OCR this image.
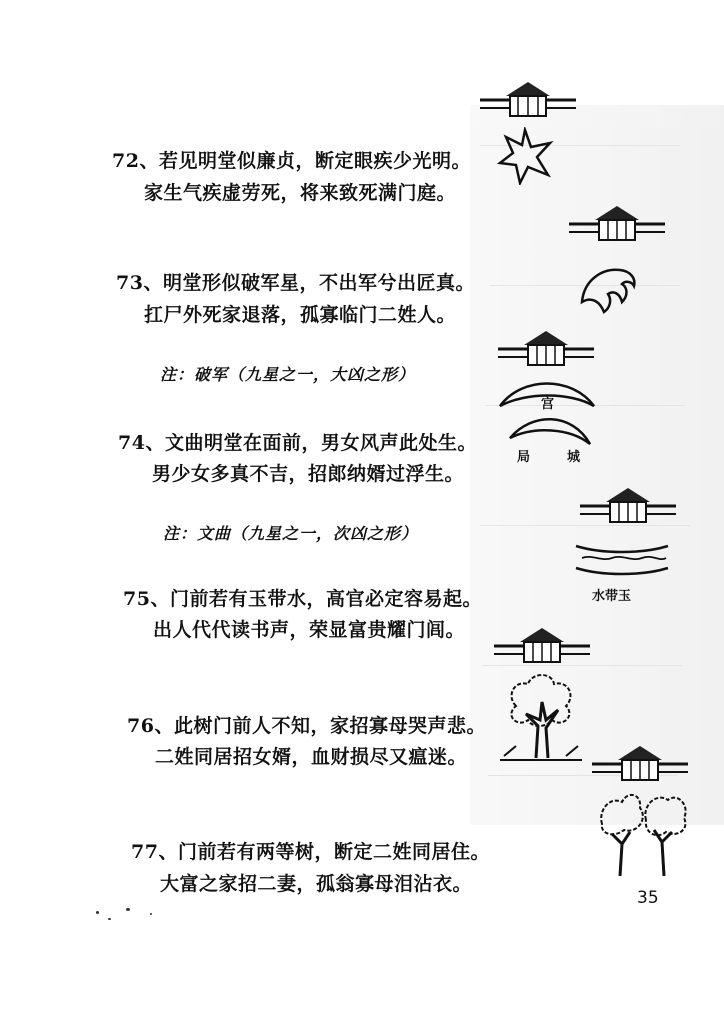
72、若见明堂似廉贞，断定眼疾少光明。
家生气疾虚劳死，将来致死满门庭。
73、明堂形似破军星，不出军兮出匠真。
扛尸外死家退落，孤寡临门二姓人。
注：破军（九星之一，大凶之形）
74、文曲明堂在面前，男女风声此处生。
男少女多真不吉，招郎纳婿过浮生。
注：文曲（九星之一，次凶之形）
75、门前若有玉带水，高官必定容易起。
出人代代读书声，荣显富贵耀门闾。
76、此树门前人不知，家招寡母哭声悲。
二姓同居招女婿，血财损尽又瘟迷。
77、门前若有两等树，断定二姓同居住。
大富之家招二妻，孤翁寡母泪沾衣。
宫
局	城
水带玉
35
